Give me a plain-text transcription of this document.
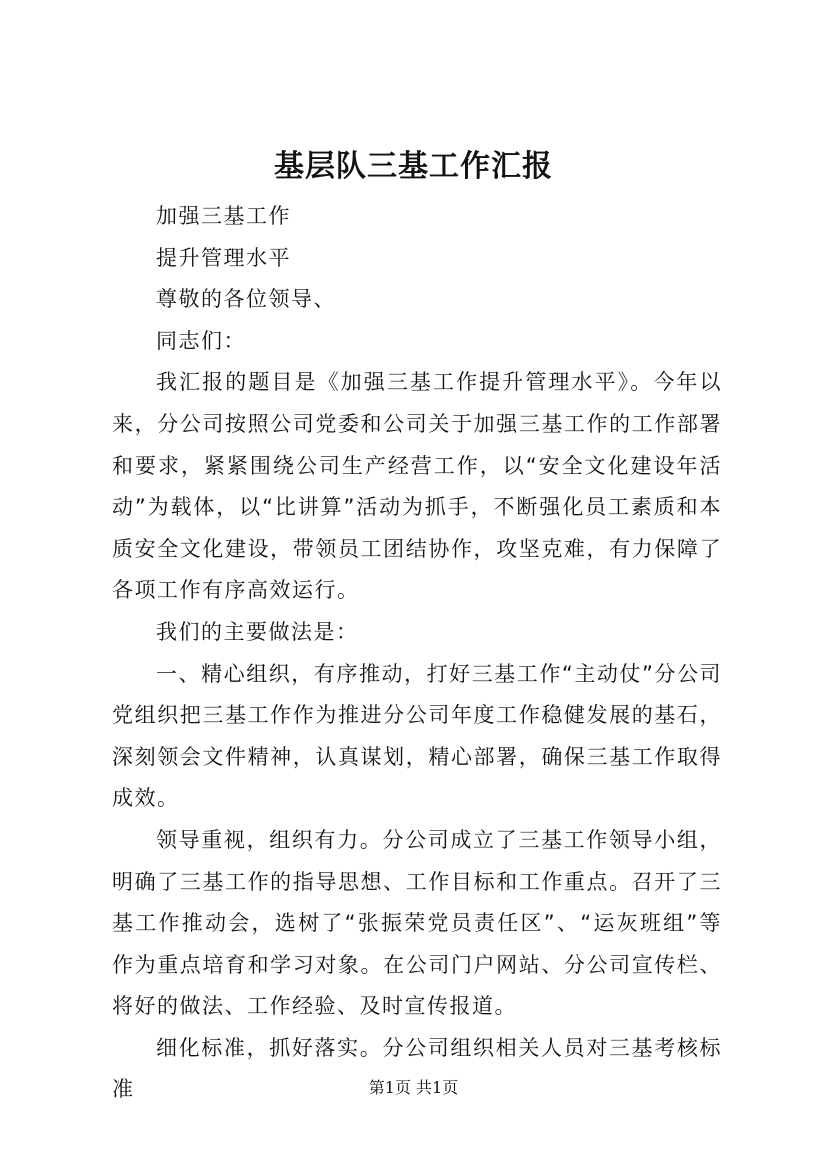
基层队三基工作汇报

加强三基工作

提升管理水平

尊敬的各位领导、

同志们：

我汇报的题目是《加强三基工作提升管理水平》。今年以来，分公司按照公司党委和公司关于加强三基工作的工作部署和要求，紧紧围绕公司生产经营工作，以“安全文化建设年活动”为载体，以“比讲算”活动为抓手，不断强化员工素质和本质安全文化建设，带领员工团结协作，攻坚克难，有力保障了各项工作有序高效运行。

我们的主要做法是：

一、精心组织，有序推动，打好三基工作“主动仗”分公司党组织把三基工作作为推进分公司年度工作稳健发展的基石，深刻领会文件精神，认真谋划，精心部署，确保三基工作取得成效。

领导重视，组织有力。分公司成立了三基工作领导小组，明确了三基工作的指导思想、工作目标和工作重点。召开了三基工作推动会，选树了“张振荣党员责任区”、“运灰班组”等作为重点培育和学习对象。在公司门户网站、分公司宣传栏、将好的做法、工作经验、及时宣传报道。

细化标准，抓好落实。分公司组织相关人员对三基考核标准	第1页 共1页
